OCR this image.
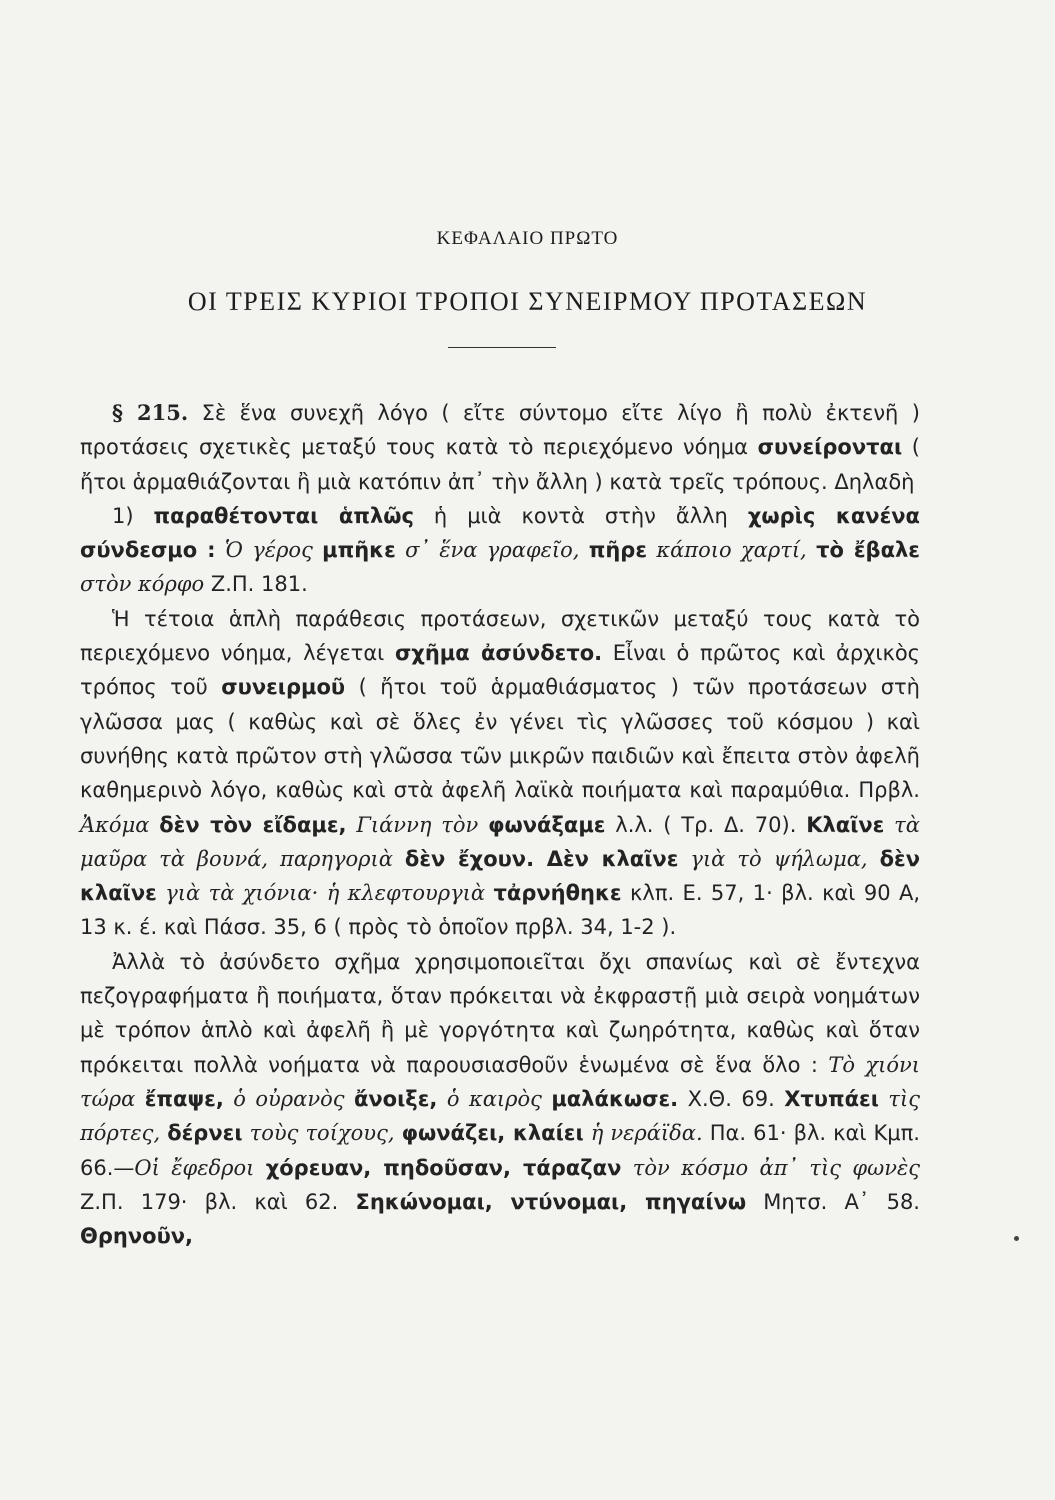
ΚΕΦΑΛΑΙΟ ΠΡΩΤΟ
ΟΙ ΤΡΕΙΣ ΚΥΡΙΟΙ ΤΡΟΠΟΙ ΣΥΝΕΙΡΜΟΥ ΠΡΟΤΑΣΕΩΝ

§ 215. Σὲ ἕνα συνεχῆ λόγο ( εἴτε σύντομο εἴτε λίγο ἢ πολὺ ἐκτενῆ ) προτάσεις σχετικὲς μεταξύ τους κατὰ τὸ περιεχόμενο νόημα συνείρονται ( ἤτοι ἁρμαθιάζονται ἢ μιὰ κατόπιν ἀπ᾽ τὴν ἄλλη ) κατὰ τρεῖς τρόπους. Δηλαδὴ

1) παραθέτονται ἁπλῶς ἡ μιὰ κοντὰ στὴν ἄλλη χωρὶς κανένα σύνδεσμο : Ὁ γέρος μπῆκε σ᾽ ἕνα γραφεῖο, πῆρε κάποιο χαρτί, τὸ ἔβαλε στὸν κόρφο Ζ.Π. 181.

Ἡ τέτοια ἁπλὴ παράθεσις προτάσεων, σχετικῶν μεταξύ τους κατὰ τὸ περιεχόμενο νόημα, λέγεται σχῆμα ἀσύνδετο. Εἶναι ὁ πρῶτος καὶ ἀρχικὸς τρόπος τοῦ συνειρμοῦ ( ἤτοι τοῦ ἁρμαθιάσματος ) τῶν προτάσεων στὴ γλῶσσα μας ( καθὼς καὶ σὲ ὅλες ἐν γένει τὶς γλῶσσες τοῦ κόσμου ) καὶ συνήθης κατὰ πρῶτον στὴ γλῶσσα τῶν μικρῶν παιδιῶν καὶ ἔπειτα στὸν ἀφελῆ καθημερινὸ λόγο, καθὼς καὶ στὰ ἀφελῆ λαϊκὰ ποιήματα καὶ παραμύθια. Πρβλ. Ἀκόμα δὲν τὸν εἴδαμε, Γιάννη τὸν φωνάξαμε λ.λ. ( Τρ. Δ. 70). Κλαῖνε τὰ μαῦρα τὰ βουνά, παρηγοριὰ δὲν ἔχουν. Δὲν κλαῖνε γιὰ τὸ ψήλωμα, δὲν κλαῖνε γιὰ τὰ χιόνια· ἡ κλεφτουργιὰ τἀρνήθηκε κλπ. Ε. 57, 1· βλ. καὶ 90 Α, 13 κ. έ. καὶ Πάσσ. 35, 6 ( πρὸς τὸ ὁποῖον πρβλ. 34, 1-2 ).

Ἀλλὰ τὸ ἀσύνδετο σχῆμα χρησιμοποιεῖται ὄχι σπανίως καὶ σὲ ἔντεχνα πεζογραφήματα ἢ ποιήματα, ὅταν πρόκειται νὰ ἐκφραστῇ μιὰ σειρὰ νοημάτων μὲ τρόπον ἁπλὸ καὶ ἀφελῆ ἢ μὲ γοργότητα καὶ ζωηρότητα, καθὼς καὶ ὅταν πρόκειται πολλὰ νοήματα νὰ παρουσιασθοῦν ἑνωμένα σὲ ἕνα ὅλο : Τὸ χιόνι τώρα ἔπαψε, ὁ οὐρανὸς ἄνοιξε, ὁ καιρὸς μαλάκωσε. Χ.Θ. 69. Χτυπάει τὶς πόρτες, δέρνει τοὺς τοίχους, φωνάζει, κλαίει ἡ νεράϊδα. Πα. 61· βλ. καὶ Κμπ. 66.—Οἱ ἔφεδροι χόρευαν, πηδοῦσαν, τάραζαν τὸν κόσμο ἀπ᾽ τὶς φωνὲς Ζ.Π. 179· βλ. καὶ 62. Σηκώνομαι, ντύνομαι, πηγαίνω Μητσ. Α᾽ 58. Θρηνοῦν,
